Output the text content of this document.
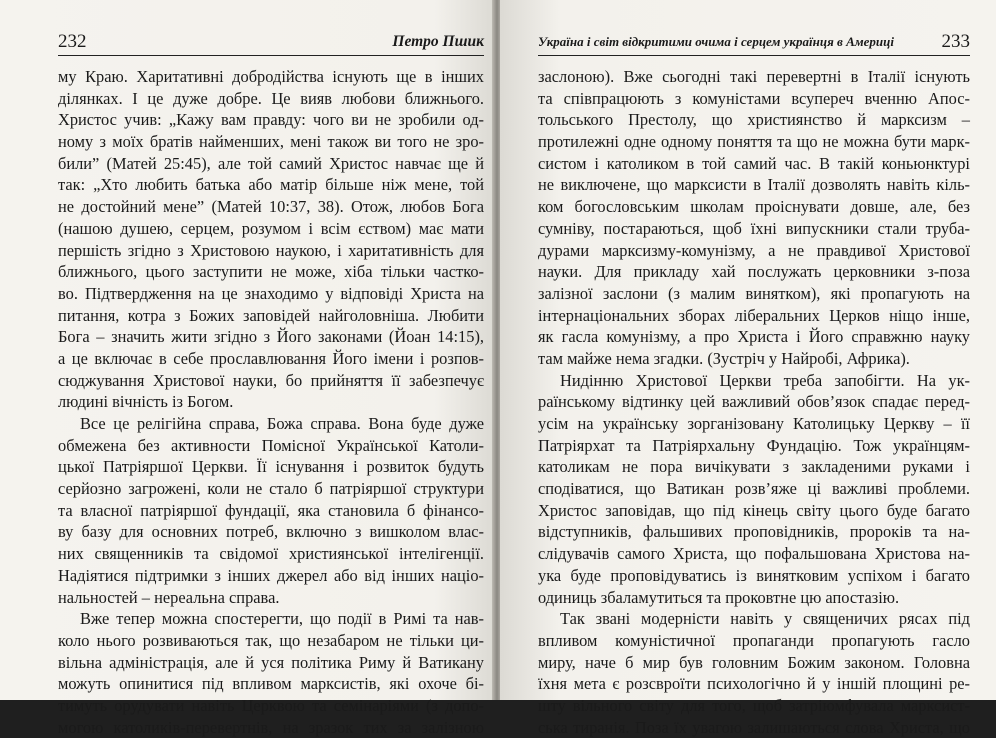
232	Петро Пшик
му Краю. Харитативні добродійства існують ще в інших
ділянках. І це дуже добре. Це вияв любови ближнього.
Христос учив: „Кажу вам правду: чого ви не зробили од-
ному з моїх братів найменших, мені також ви того не зро-
били” (Матей 25:45), але той самий Христос навчає ще й
так: „Хто любить батька або матір більше ніж мене, той
не достойний мене” (Матей 10:37, 38). Отож, любов Бога
(нашою душею, серцем, розумом і всім єством) має мати
першість згідно з Христовою наукою, і харитативність для
ближнього, цього заступити не може, хіба тільки частко-
во. Підтвердження на це знаходимо у відповіді Христа на
питання, котра з Божих заповідей найголовніша. Любити
Бога – значить жити згідно з Його законами (Йоан 14:15),
а це включає в себе прославлювання Його імени і розпов-
сюджування Христової науки, бо прийняття її забезпечує
людині вічність із Богом.
Все це релігійна справа, Божа справа. Вона буде дуже
обмежена без активности Помісної Української Католи-
цької Патріяршої Церкви. Її існування і розвиток будуть
серйозно загрожені, коли не стало б патріяршої структури
та власної патріяршої фундації, яка становила б фінансо-
ву базу для основних потреб, включно з вишколом влас-
них священників та свідомої християнської інтелігенції.
Надіятися підтримки з інших джерел або від інших націо-
нальностей – нереальна справа.
Вже тепер можна спостерегти, що події в Римі та нав-
коло нього розвиваються так, що незабаром не тільки ци-
вільна адміністрація, але й уся політика Риму й Ватикану
можуть опинитися під впливом марксистів, які охоче бі-
тимуть орудувати навіть Церквою та семінаріями (з допо-
могою католиків-перевертнів, на зразок тих за залізною
Україна і світ відкритими очима і серцем українця в Америці	233
заслоною). Вже сьогодні такі перевертні в Італії існують
та співпрацюють з комуністами всупереч вченню Апос-
тольського Престолу, що християнство й марксизм –
протилежні одне одному поняття та що не можна бути марк-
систом і католиком в той самий час. В такій коньюнктурі
не виключене, що марксисти в Італії дозволять навіть кіль-
ком богословським школам проіснувати довше, але, без
сумніву, постараються, щоб їхні випускники стали труба-
дурами марксизму-комунізму, а не правдивої Христової
науки. Для прикладу хай послужать церковники з-поза
залізної заслони (з малим винятком), які пропагують на
інтернаціональних зборах ліберальних Церков ніщо інше,
як гасла комунізму, а про Христа і Його справжню науку
там майже нема згадки. (Зустріч у Найробі, Африка).
Нидінню Христової Церкви треба запобігти. На ук-
раїнському відтинку цей важливий обов’язок спадає перед-
усім на українську зорганізовану Католицьку Церкву – її
Патріярхат та Патріярхальну Фундацію. Тож українцям-
католикам не пора вичікувати з закладеними руками і
сподіватися, що Ватикан розв’яже ці важливі проблеми.
Христос заповідав, що під кінець світу цього буде багато
відступників, фальшивих проповідників, пророків та на-
слідувачів самого Христа, що пофальшована Христова на-
ука буде проповідуватись із винятковим успіхом і багато
одиниць збаламутиться та проковтне цю апостазію.
Так звані модерністи навіть у священичих рясах під
впливом комуністичної пропаганди пропагують гасло
миру, наче б мир був головним Божим законом. Головна
їхня мета є розсвроїти психологічно й у іншій площині ре-
шту вільного світу для того, щоб затріюмфувала марксист-
ська тиранія. Поза їх увагою залишаються слова Христа, що
